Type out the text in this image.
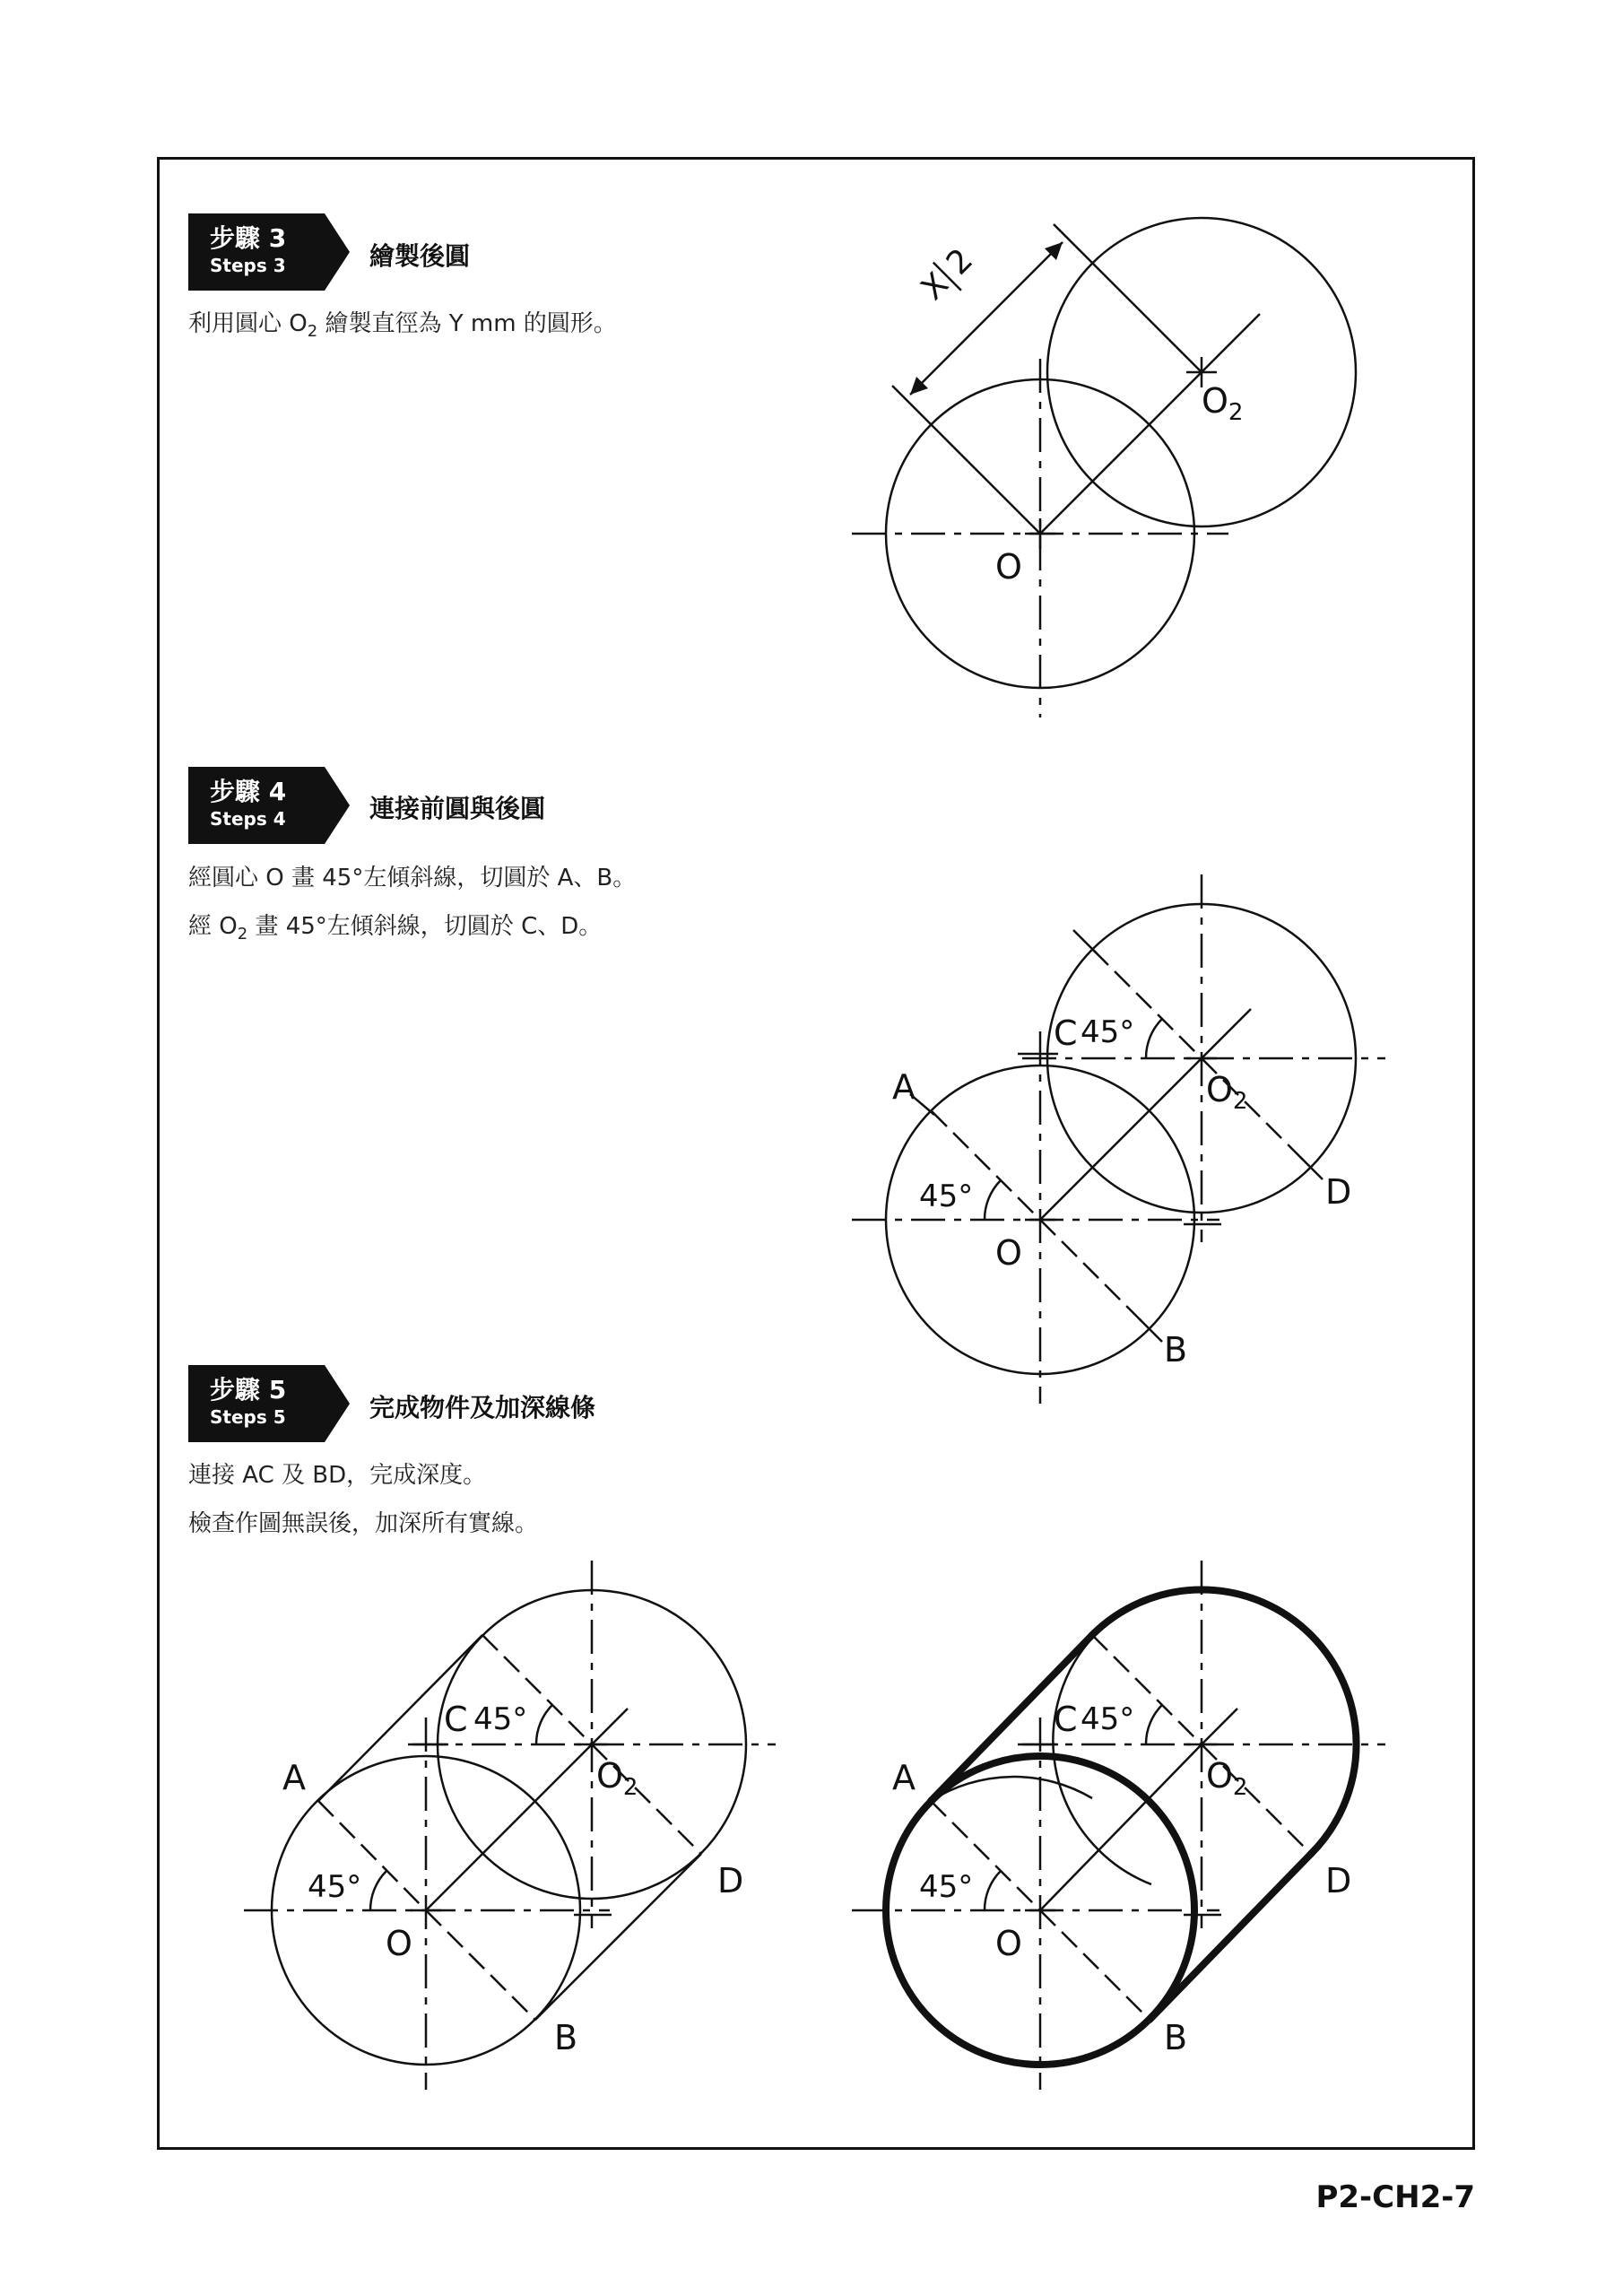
步驟 3
Steps 3	繪製後圓
利用圓心 $O_2$ 繪製直徑為 Y mm 的圓形。
步驟 4
Steps 4	連接前圓與後圓
經圓心 O 畫 45°左傾斜線，切圓於 A、B。
經 $O_2$ 畫 45°左傾斜線，切圓於 C、D。
步驟 5
Steps 5	完成物件及加深線條
連接 AC 及 BD，完成深度。
檢查作圖無誤後，加深所有實線。
O
$O_2$
X
2
C
A
D
B
O
$O_2$
45°
45°
C
A
D
B
O
$O_2$
45°
45°	C
A
D
B
O
$O_2$
45°
45°
P2-CH2-7
